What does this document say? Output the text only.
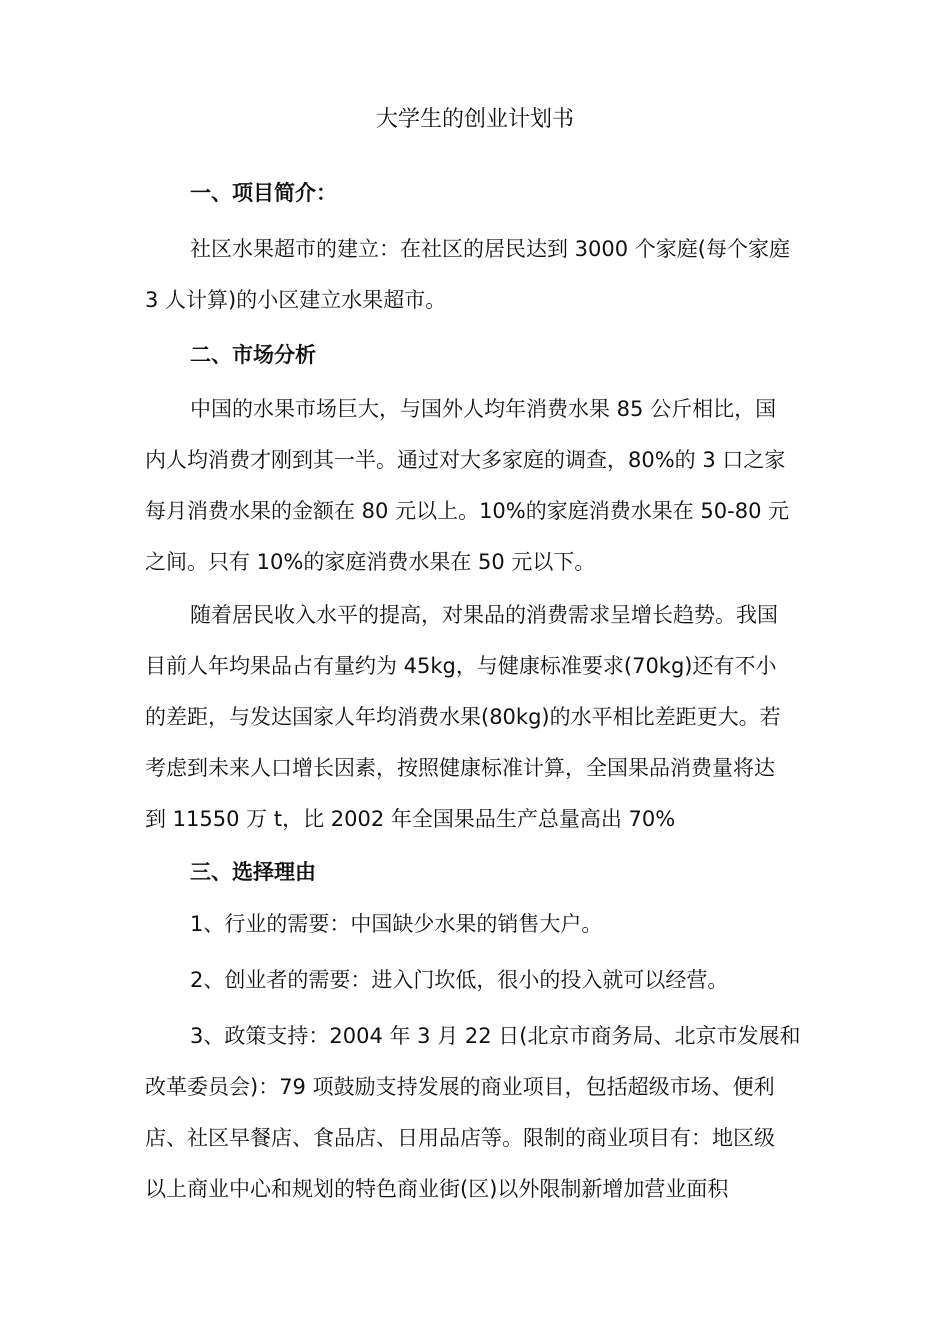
大学生的创业计划书
一、项目简介：
社区水果超市的建立：在社区的居民达到 3000 个家庭(每个家庭
3 人计算)的小区建立水果超市。
二、市场分析
中国的水果市场巨大，与国外人均年消费水果 85 公斤相比，国
内人均消费才刚到其一半。通过对大多家庭的调查，80%的 3 口之家
每月消费水果的金额在 80 元以上。10%的家庭消费水果在 50-80 元
之间。只有 10%的家庭消费水果在 50 元以下。
随着居民收入水平的提高，对果品的消费需求呈增长趋势。我国
目前人年均果品占有量约为 45kg，与健康标准要求(70kg)还有不小
的差距，与发达国家人年均消费水果(80kg)的水平相比差距更大。若
考虑到未来人口增长因素，按照健康标准计算，全国果品消费量将达
到 11550 万 t，比 2002 年全国果品生产总量高出 70%
三、选择理由
1、行业的需要：中国缺少水果的销售大户。
2、创业者的需要：进入门坎低，很小的投入就可以经营。
3、政策支持：2004 年 3 月 22 日(北京市商务局、北京市发展和
改革委员会)：79 项鼓励支持发展的商业项目，包括超级市场、便利
店、社区早餐店、食品店、日用品店等。限制的商业项目有：地区级
以上商业中心和规划的特色商业街(区)以外限制新增加营业面积
